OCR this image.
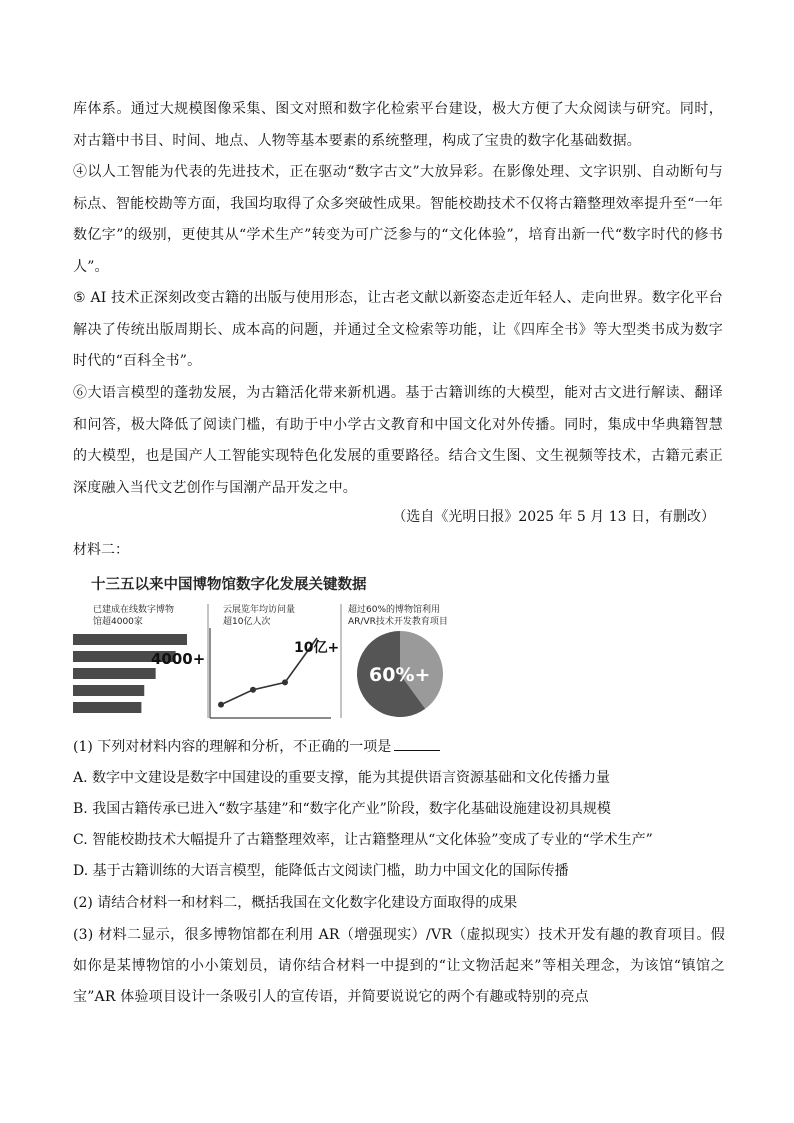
库体系。通过大规模图像采集、图文对照和数字化检索平台建设，极大方便了大众阅读与研究。同时，对古籍中书目、时间、地点、人物等基本要素的系统整理，构成了宝贵的数字化基础数据。
④以人工智能为代表的先进技术，正在驱动“数字古文”大放异彩。在影像处理、文字识别、自动断句与标点、智能校勘等方面，我国均取得了众多突破性成果。智能校勘技术不仅将古籍整理效率提升至“一年数亿字”的级别，更使其从“学术生产”转变为可广泛参与的“文化体验”，培育出新一代“数字时代的修书人”。
⑤ AI 技术正深刻改变古籍的出版与使用形态，让古老文献以新姿态走近年轻人、走向世界。数字化平台解决了传统出版周期长、成本高的问题，并通过全文检索等功能，让《四库全书》等大型类书成为数字时代的“百科全书”。
⑥大语言模型的蓬勃发展，为古籍活化带来新机遇。基于古籍训练的大模型，能对古文进行解读、翻译和问答，极大降低了阅读门槛，有助于中小学古文教育和中国文化对外传播。同时，集成中华典籍智慧的大模型，也是国产人工智能实现特色化发展的重要路径。结合文生图、文生视频等技术，古籍元素正深度融入当代文艺创作与国潮产品开发之中。
（选自《光明日报》2025 年 5 月 13 日，有删改）
材料二：
十三五以来中国博物馆数字化发展关键数据
已建成在线数字博物
馆超4000家
4000+
云展览年均访问量
超10亿人次
10亿+
超过60%的博物馆利用
AR/VR技术开发教育项目
60%+
(1) 下列对材料内容的理解和分析，不正确的一项是
A. 数字中文建设是数字中国建设的重要支撑，能为其提供语言资源基础和文化传播力量
B. 我国古籍传承已进入“数字基建”和“数字化产业”阶段，数字化基础设施建设初具规模
C. 智能校勘技术大幅提升了古籍整理效率，让古籍整理从“文化体验”变成了专业的“学术生产”
D. 基于古籍训练的大语言模型，能降低古文阅读门槛，助力中国文化的国际传播
(2) 请结合材料一和材料二，概括我国在文化数字化建设方面取得的成果
(3) 材料二显示，很多博物馆都在利用 AR（增强现实）/VR（虚拟现实）技术开发有趣的教育项目。假如你是某博物馆的小小策划员，请你结合材料一中提到的“让文物活起来”等相关理念，为该馆“镇馆之宝”AR 体验项目设计一条吸引人的宣传语，并简要说说它的两个有趣或特别的亮点
